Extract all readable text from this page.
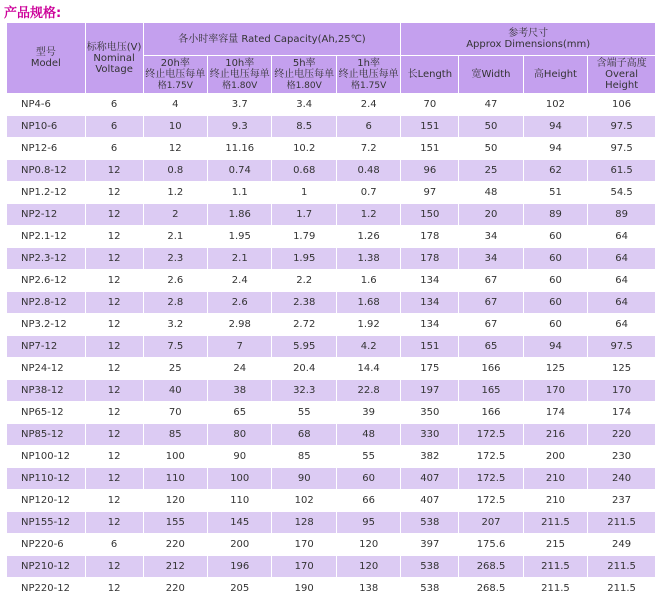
产品规格:
型号
Model	标称电压(V)
Nominal
Voltage	各小时率容量 Rated Capacity(Ah,25℃)				参考尺寸
Approx Dimensions(mm)			
		20h率
终止电压每单
格1.75V	10h率
终止电压每单
格1.80V	5h率
终止电压每单
格1.80V	1h率
终止电压每单
格1.75V	长Length	宽Width	高Height	含端子高度
Overal Height
NP4-6	6	4	3.7	3.4	2.4	70	47	102	106
NP10-6	6	10	9.3	8.5	6	151	50	94	97.5
NP12-6	6	12	11.16	10.2	7.2	151	50	94	97.5
NP0.8-12	12	0.8	0.74	0.68	0.48	96	25	62	61.5
NP1.2-12	12	1.2	1.1	1	0.7	97	48	51	54.5
NP2-12	12	2	1.86	1.7	1.2	150	20	89	89
NP2.1-12	12	2.1	1.95	1.79	1.26	178	34	60	64
NP2.3-12	12	2.3	2.1	1.95	1.38	178	34	60	64
NP2.6-12	12	2.6	2.4	2.2	1.6	134	67	60	64
NP2.8-12	12	2.8	2.6	2.38	1.68	134	67	60	64
NP3.2-12	12	3.2	2.98	2.72	1.92	134	67	60	64
NP7-12	12	7.5	7	5.95	4.2	151	65	94	97.5
NP24-12	12	25	24	20.4	14.4	175	166	125	125
NP38-12	12	40	38	32.3	22.8	197	165	170	170
NP65-12	12	70	65	55	39	350	166	174	174
NP85-12	12	85	80	68	48	330	172.5	216	220
NP100-12	12	100	90	85	55	382	172.5	200	230
NP110-12	12	110	100	90	60	407	172.5	210	240
NP120-12	12	120	110	102	66	407	172.5	210	237
NP155-12	12	155	145	128	95	538	207	211.5	211.5
NP220-6	6	220	200	170	120	397	175.6	215	249
NP210-12	12	212	196	170	120	538	268.5	211.5	211.5
NP220-12	12	220	205	190	138	538	268.5	211.5	211.5
